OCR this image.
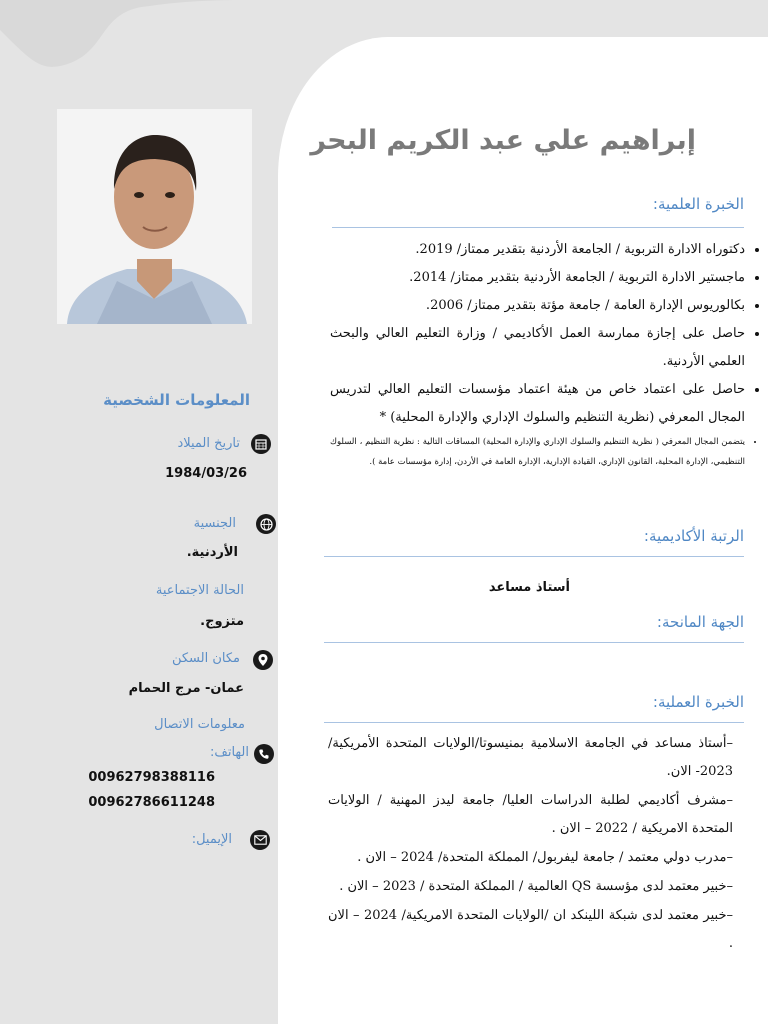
المعلومات الشخصية
تاريخ الميلاد
1984/03/26
الجنسية
الأردنية.
الحالة الاجتماعية
متزوج.
مكان السكن
عمان- مرج الحمام
معلومات الاتصال
الهاتف:
00962798388116
00962786611248
الإيميل:
إبراهيم علي عبد الكريم البحر
الخبرة العلمية:
• دكتوراه الادارة التربوية / الجامعة الأردنية بتقدير ممتاز/ 2019.
• ماجستير الادارة التربوية / الجامعة الأردنية بتقدير ممتاز/ 2014.
• بكالوريوس الإدارة العامة / جامعة مؤتة بتقدير ممتاز/ 2006.
• حاصل على إجازة ممارسة العمل الأكاديمي / وزارة التعليم العالي والبحث العلمي الأردنية.
• حاصل على اعتماد خاص من هيئة اعتماد مؤسسات التعليم العالي لتدريس المجال المعرفي (نظرية التنظيم والسلوك الإداري والإدارة المحلية) *
• يتضمن المجال المعرفي ( نظرية التنظيم والسلوك الإداري والإدارة المحلية) المساقات التالية : نظرية التنظيم ، السلوك التنظيمي، الإدارة المحلية، القانون الإداري، القيادة الإدارية، الإدارة العامة في الأردن، إدارة مؤسسات عامة ).
الرتبة الأكاديمية:
أستاذ مساعد
الجهة المانحة:
الخبرة العملية:

–أستاذ مساعد في الجامعة الاسلامية بمنيسوتا/الولايات المتحدة الأمريكية/ 2023- الان.

–مشرف أكاديمي لطلبة الدراسات العليا/ جامعة ليدز المهنية / الولايات المتحدة الامريكية / 2022 – الان .

–مدرب دولي معتمد / جامعة ليفربول/ المملكة المتحدة/ 2024 – الان .

–خبير معتمد لدى مؤسسة QS العالمية / المملكة المتحدة / 2023 – الان .

–خبير معتمد لدى شبكة اللينكد ان /الولايات المتحدة الامريكية/ 2024 – الان .
